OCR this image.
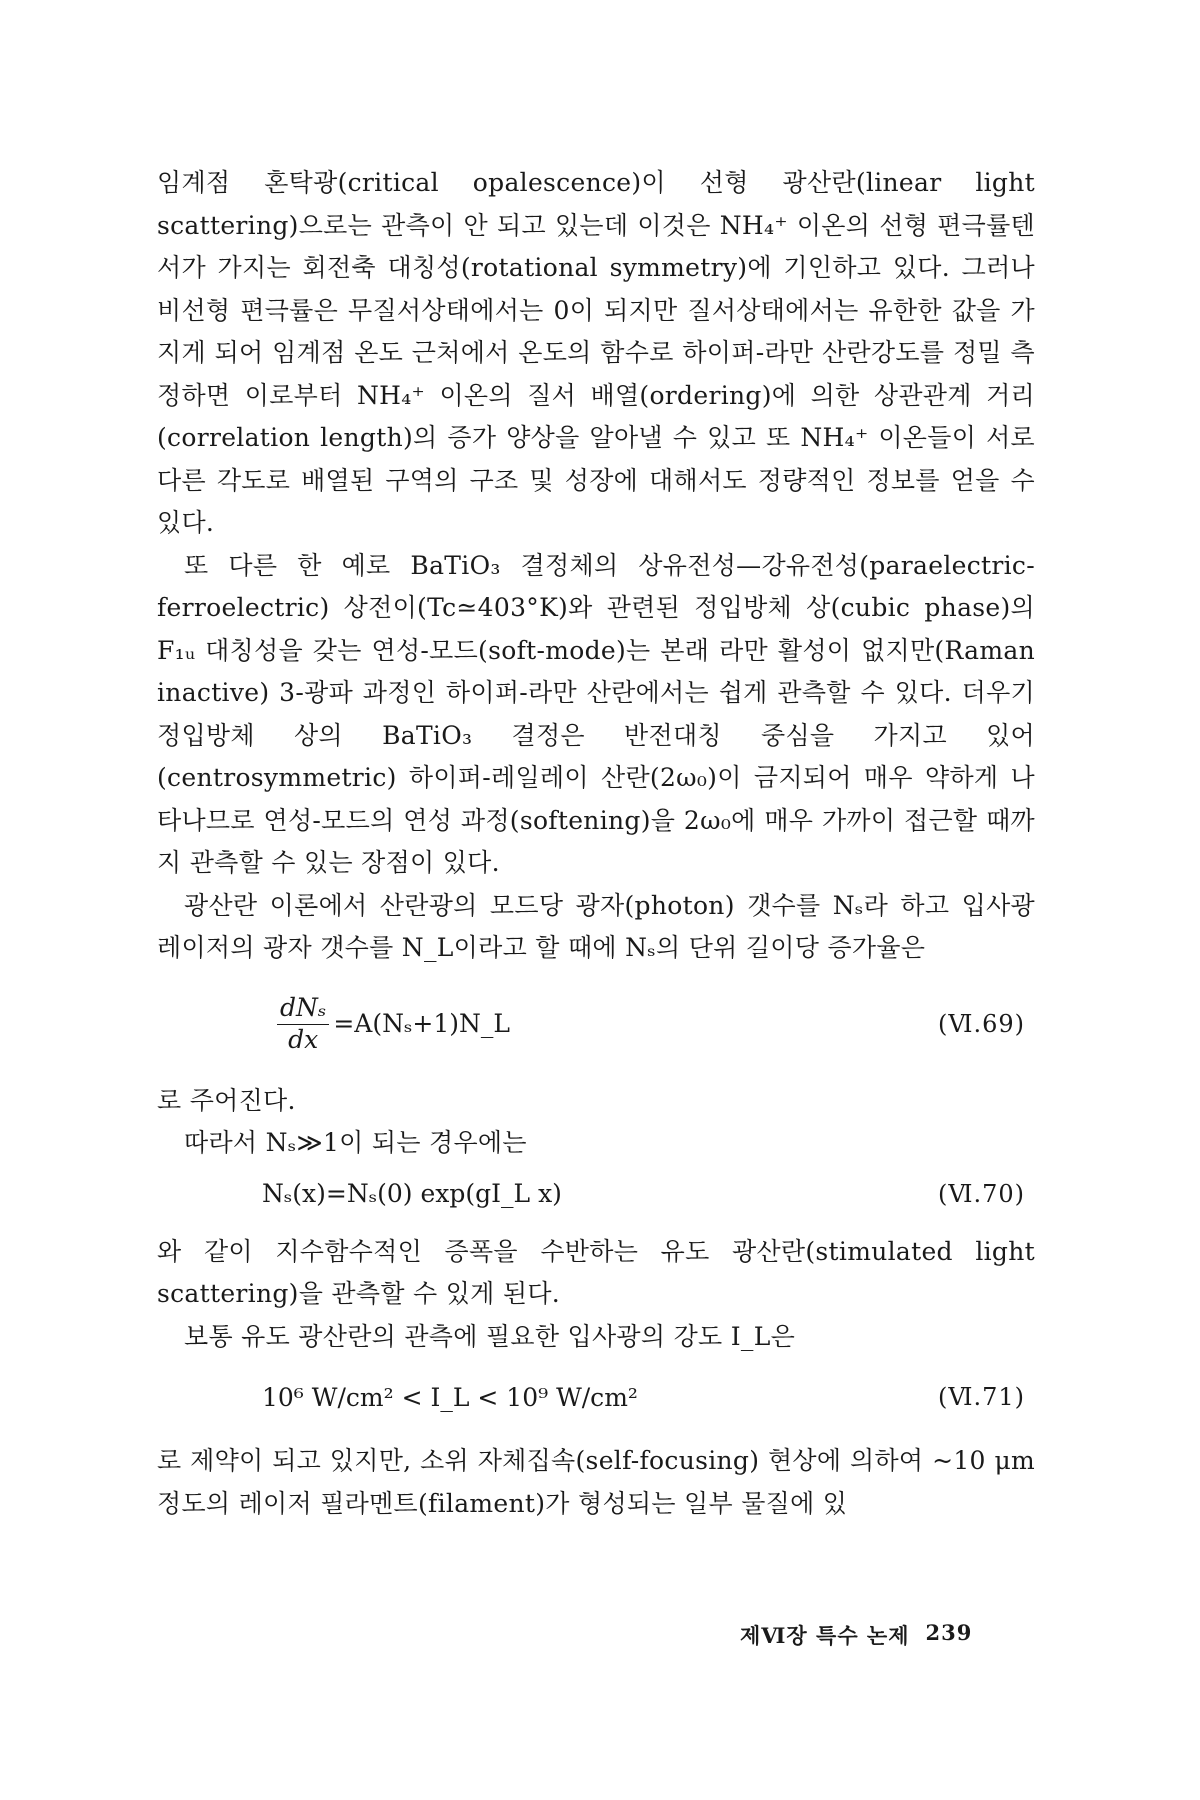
임계점 혼탁광(critical opalescence)이 선형 광산란(linear light scattering)으로는 관측이 안 되고 있는데 이것은 NH₄⁺ 이온의 선형 편극률텐서가 가지는 회전축 대칭성(rotational symmetry)에 기인하고 있다. 그러나 비선형 편극률은 무질서상태에서는 0이 되지만 질서상태에서는 유한한 값을 가지게 되어 임계점 온도 근처에서 온도의 함수로 하이퍼-라만 산란강도를 정밀 측정하면 이로부터 NH₄⁺ 이온의 질서 배열(ordering)에 의한 상관관계 거리(correlation length)의 증가 양상을 알아낼 수 있고 또 NH₄⁺ 이온들이 서로 다른 각도로 배열된 구역의 구조 및 성장에 대해서도 정량적인 정보를 얻을 수 있다.

또 다른 한 예로 BaTiO₃ 결정체의 상유전성—강유전성(paraelectric-ferroelectric) 상전이(Tc≃403°K)와 관련된 정입방체 상(cubic phase)의 F₁ᵤ 대칭성을 갖는 연성-모드(soft-mode)는 본래 라만 활성이 없지만(Raman inactive) 3-광파 과정인 하이퍼-라만 산란에서는 쉽게 관측할 수 있다. 더우기 정입방체 상의 BaTiO₃ 결정은 반전대칭 중심을 가지고 있어(centrosymmetric) 하이퍼-레일레이 산란(2ω₀)이 금지되어 매우 약하게 나타나므로 연성-모드의 연성 과정(softening)을 2ω₀에 매우 가까이 접근할 때까지 관측할 수 있는 장점이 있다.

광산란 이론에서 산란광의 모드당 광자(photon) 갯수를 Nₛ라 하고 입사광 레이저의 광자 갯수를 N_L이라고 할 때에 Nₛ의 단위 길이당 증가율은

$\frac{\text{dNₛ}}{dx}$ =A(Nₛ+1)N_L	(Ⅵ.69)

로 주어진다.

따라서 Nₛ≫1이 되는 경우에는

Nₛ(x)=Nₛ(0) exp(gI_L x)	(Ⅵ.70)

와 같이 지수함수적인 증폭을 수반하는 유도 광산란(stimulated light scattering)을 관측할 수 있게 된다.

보통 유도 광산란의 관측에 필요한 입사광의 강도 I_L은

10⁶ W/cm² < I_L < 10⁹ W/cm²	(Ⅵ.71)

로 제약이 되고 있지만, 소위 자체집속(self-focusing) 현상에 의하여 ~10 μm 정도의 레이저 필라멘트(filament)가 형성되는 일부 물질에 있

제Ⅵ장 특수 논제 239
